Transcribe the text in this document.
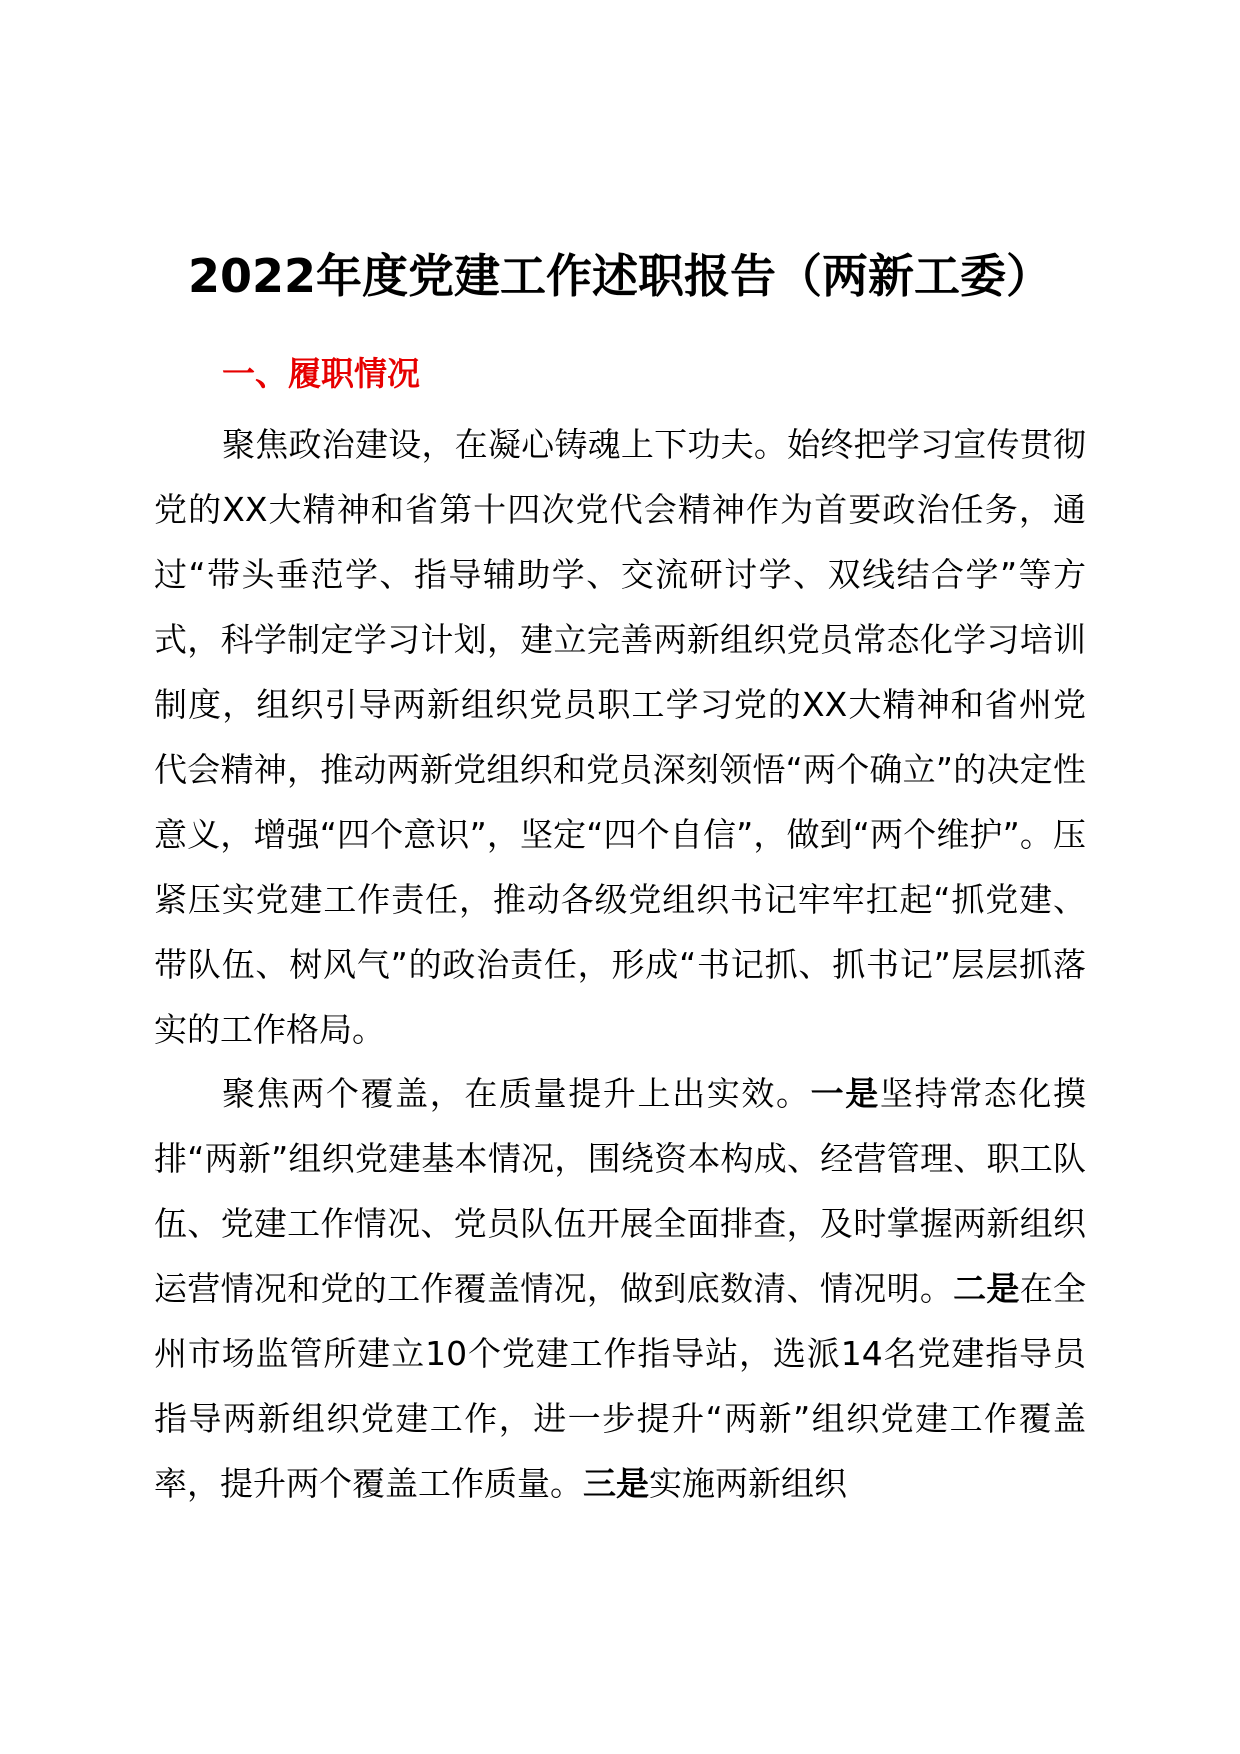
2022年度党建工作述职报告（两新工委）
一、履职情况

聚焦政治建设，在凝心铸魂上下功夫。始终把学习宣传贯彻党的XX大精神和省第十四次党代会精神作为首要政治任务，通过“带头垂范学、指导辅助学、交流研讨学、双线结合学”等方式，科学制定学习计划，建立完善两新组织党员常态化学习培训制度，组织引导两新组织党员职工学习党的XX大精神和省州党代会精神，推动两新党组织和党员深刻领悟“两个确立”的决定性意义，增强“四个意识”，坚定“四个自信”，做到“两个维护”。压紧压实党建工作责任，推动各级党组织书记牢牢扛起“抓党建、带队伍、树风气”的政治责任，形成“书记抓、抓书记”层层抓落实的工作格局。

聚焦两个覆盖，在质量提升上出实效。一是坚持常态化摸排“两新”组织党建基本情况，围绕资本构成、经营管理、职工队伍、党建工作情况、党员队伍开展全面排查，及时掌握两新组织运营情况和党的工作覆盖情况，做到底数清、情况明。二是在全州市场监管所建立10个党建工作指导站，选派14名党建指导员指导两新组织党建工作，进一步提升“两新”组织党建工作覆盖率，提升两个覆盖工作质量。三是实施两新组织
